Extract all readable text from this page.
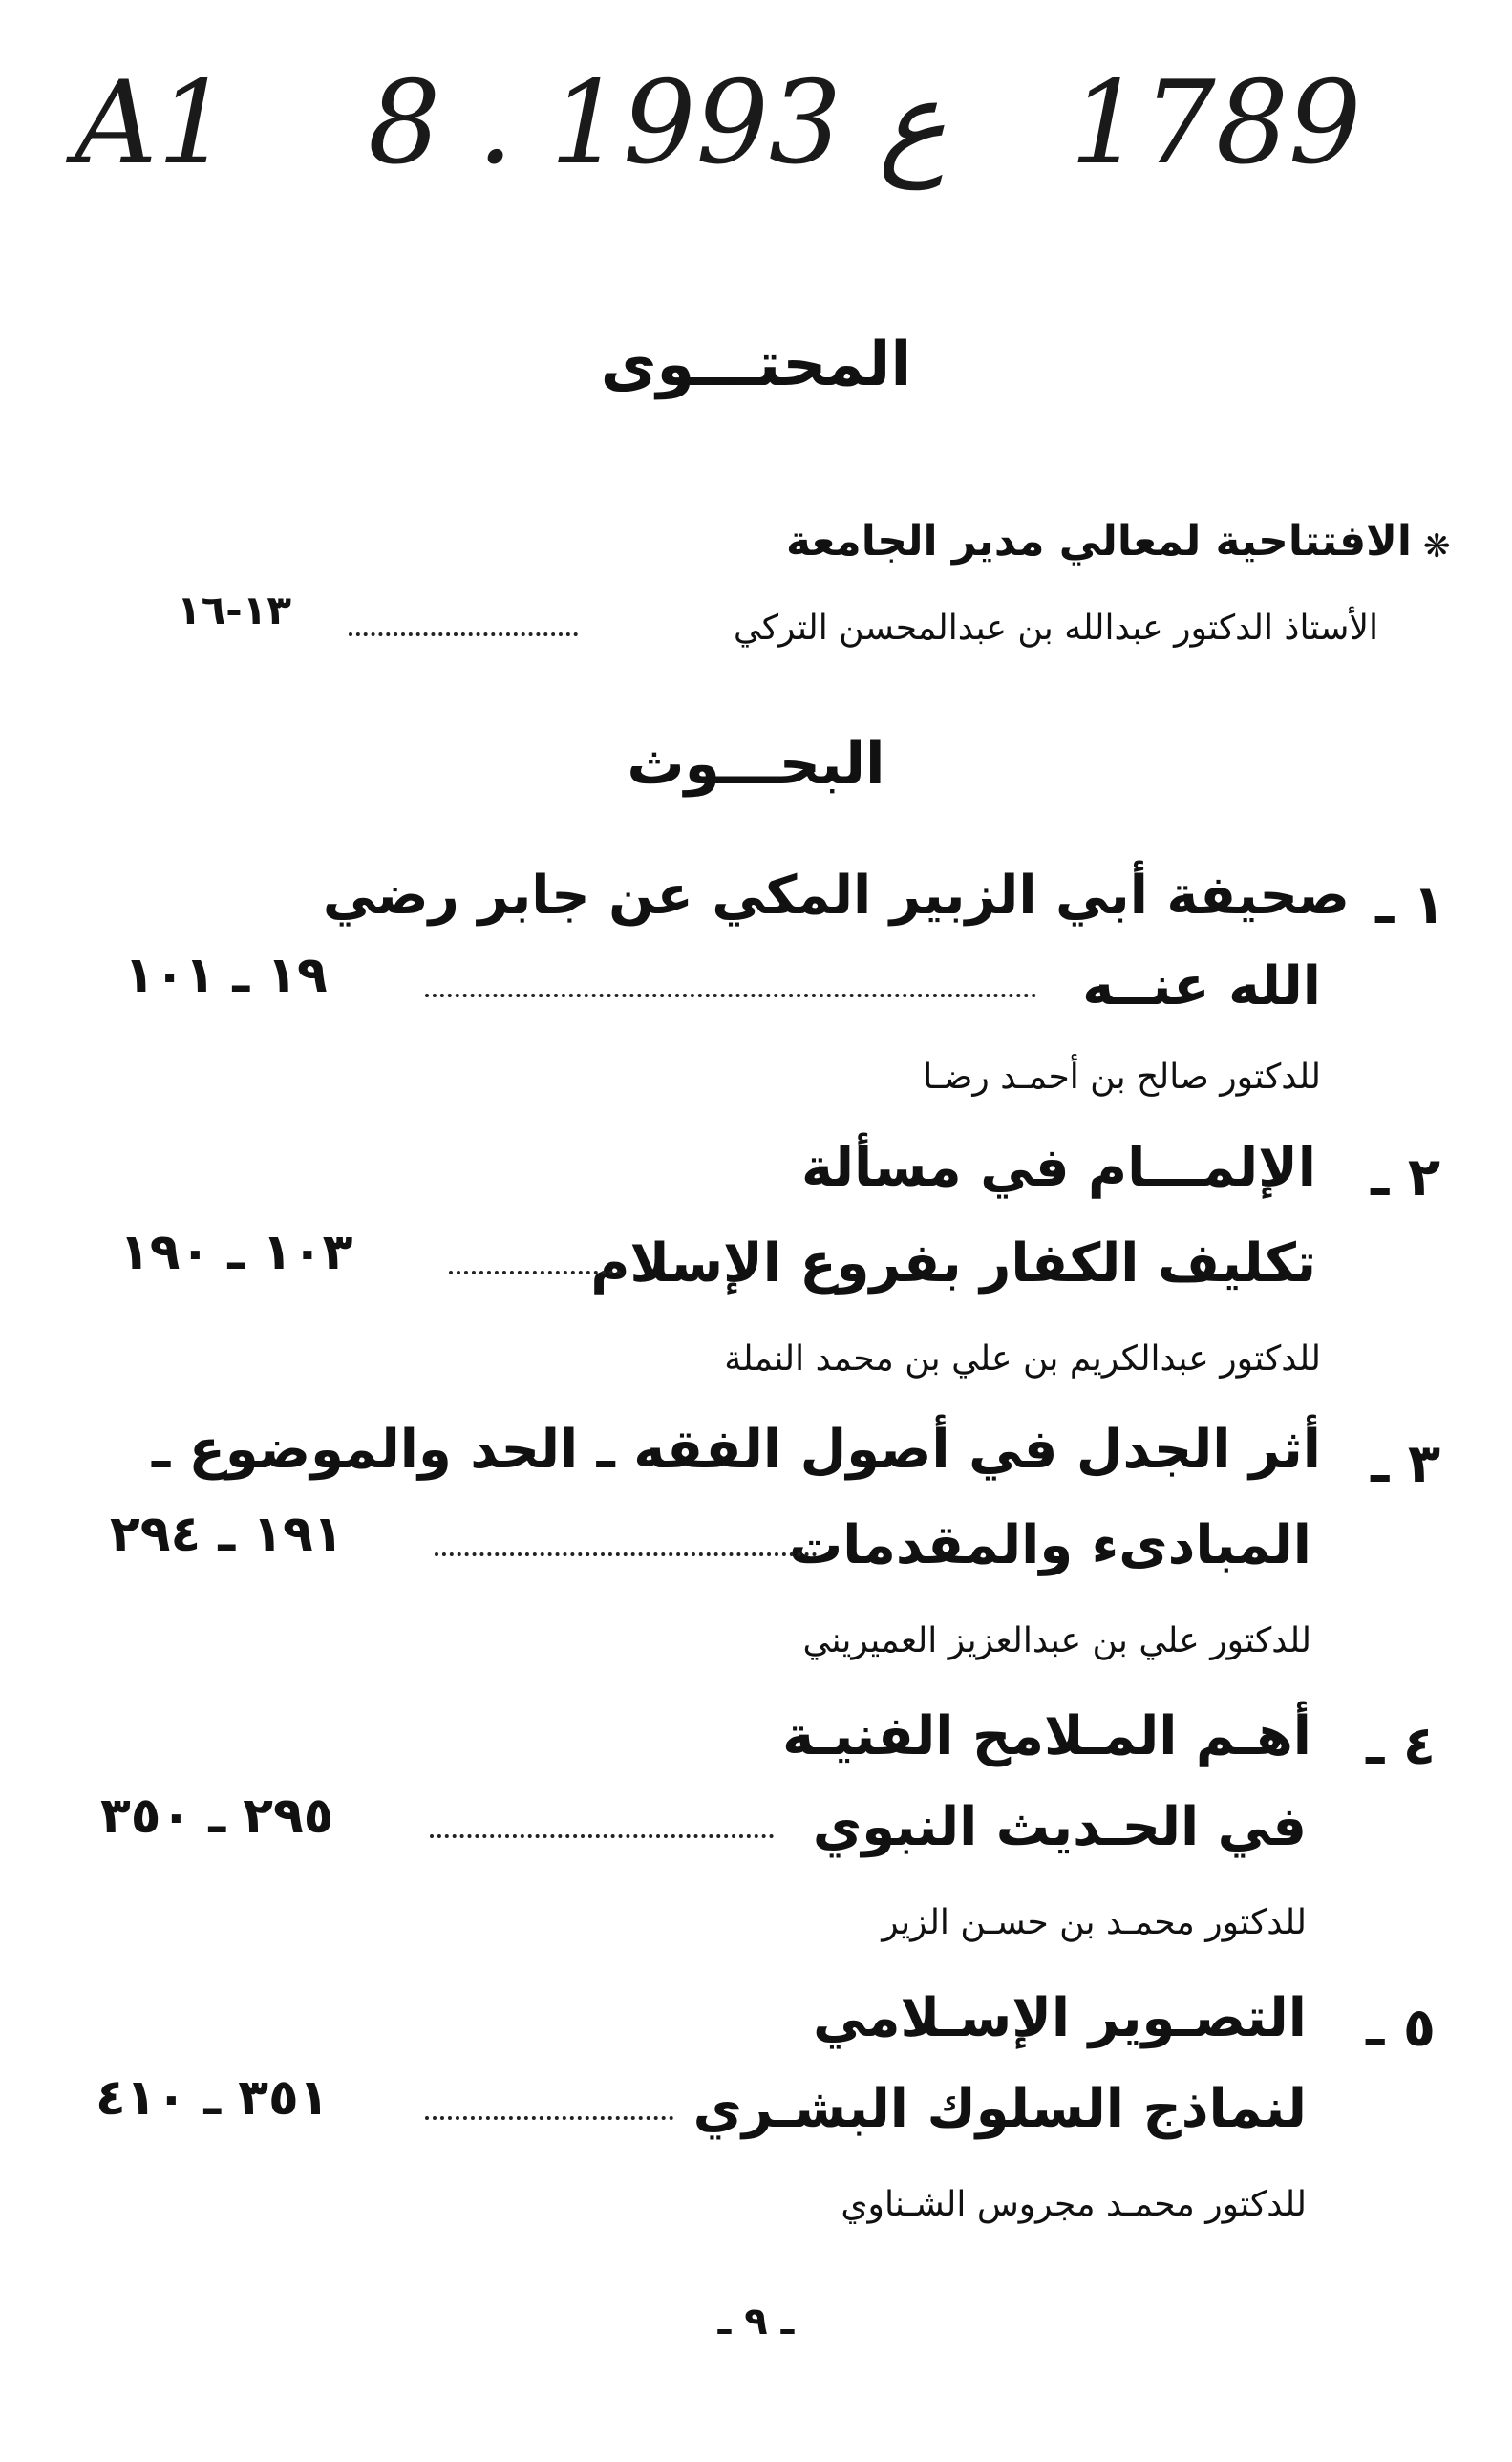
A1 8 . ع 1993 1789
المحتـــوى
❋
الافتتاحية لمعالي مدير الجامعة
الأستاذ الدكتور عبدالله بن عبدالمحسن التركي
١٣-١٦
البحـــوث
١ ـ
صحيفة أبي الزبير المكي عن جابر رضي
الله عنــه
١٩ ـ ١٠١
للدكتور صالح بن أحمـد رضـا
٢ ـ
الإلمـــام في مسألة
تكليف الكفار بفروع الإسلام
١٠٣ ـ ١٩٠
للدكتور عبدالكريم بن علي بن محمد النملة
٣ ـ
أثر الجدل في أصول الفقه ـ الحد والموضوع ـ
المبادىء والمقدمات
١٩١ ـ ٢٩٤
للدكتور علي بن عبدالعزيز العميريني
٤ ـ
أهـم المـلامح الفنيـة
في الحـديث النبوي
٢٩٥ ـ ٣٥٠
للدكتور محمـد بن حسـن الزير
٥ ـ
التصـوير الإسـلامي
لنماذج السلوك البشـري
٣٥١ ـ ٤١٠
للدكتور محمـد مجروس الشـناوي
ـ ٩ ـ
